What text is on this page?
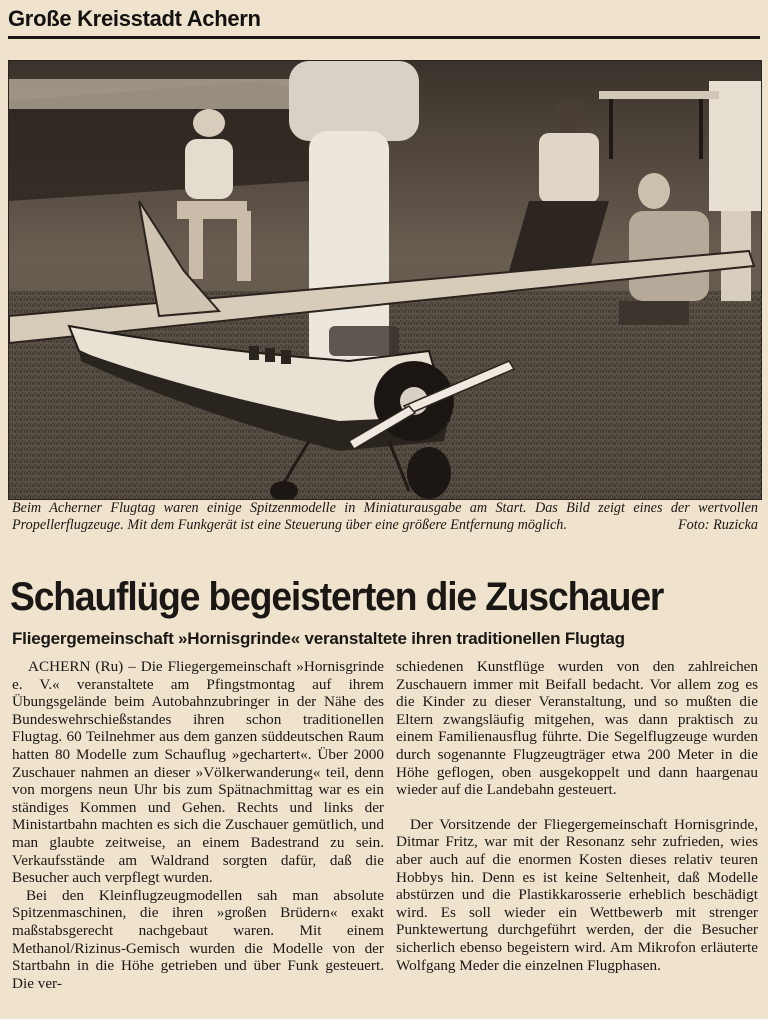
Große Kreisstadt Achern
Beim Acherner Flugtag waren einige Spitzenmodelle in Miniaturausgabe am Start. Das Bild zeigt eines der wertvollen Propellerflugzeuge. Mit dem Funkgerät ist eine Steuerung über eine größere Entfernung möglich.	Foto: Ruzicka
Schauflüge begeisterten die Zuschauer
Fliegergemeinschaft »Hornisgrinde« veranstaltete ihren traditionellen Flugtag

ACHERN (Ru) – Die Fliegergemeinschaft »Hornisgrinde e. V.« veranstaltete am Pfingstmontag auf ihrem Übungsgelände beim Autobahnzubringer in der Nähe des Bundeswehrschießstandes ihren schon traditionellen Flugtag. 60 Teilnehmer aus dem ganzen süddeutschen Raum hatten 80 Modelle zum Schauflug »gechartert«. Über 2000 Zuschauer nahmen an dieser »Völkerwanderung« teil, denn von morgens neun Uhr bis zum Spätnachmittag war es ein ständiges Kommen und Gehen. Rechts und links der Ministartbahn machten es sich die Zuschauer gemütlich, und man glaubte zeitweise, an einem Badestrand zu sein. Verkaufsstände am Waldrand sorgten dafür, daß die Besucher auch verpflegt wurden.

Bei den Kleinflugzeugmodellen sah man absolute Spitzenmaschinen, die ihren »großen Brüdern« exakt maßstabsgerecht nachgebaut waren. Mit einem Methanol/Rizinus-Gemisch wurden die Modelle von der Startbahn in die Höhe getrieben und über Funk gesteuert. Die ver-

schiedenen Kunstflüge wurden von den zahlreichen Zuschauern immer mit Beifall bedacht. Vor allem zog es die Kinder zu dieser Veranstaltung, und so mußten die Eltern zwangsläufig mitgehen, was dann praktisch zu einem Familienausflug führte. Die Segelflugzeuge wurden durch sogenannte Flugzeugträger etwa 200 Meter in die Höhe geflogen, oben ausgekoppelt und dann haargenau wieder auf die Landebahn gesteuert.

Der Vorsitzende der Fliegergemeinschaft Hornisgrinde, Ditmar Fritz, war mit der Resonanz sehr zufrieden, wies aber auch auf die enormen Kosten dieses relativ teuren Hobbys hin. Denn es ist keine Seltenheit, daß Modelle abstürzen und die Plastikkarosserie erheblich beschädigt wird. Es soll wieder ein Wettbewerb mit strenger Punktewertung durchgeführt werden, der die Besucher sicherlich ebenso begeistern wird. Am Mikrofon erläuterte Wolfgang Meder die einzelnen Flugphasen.
